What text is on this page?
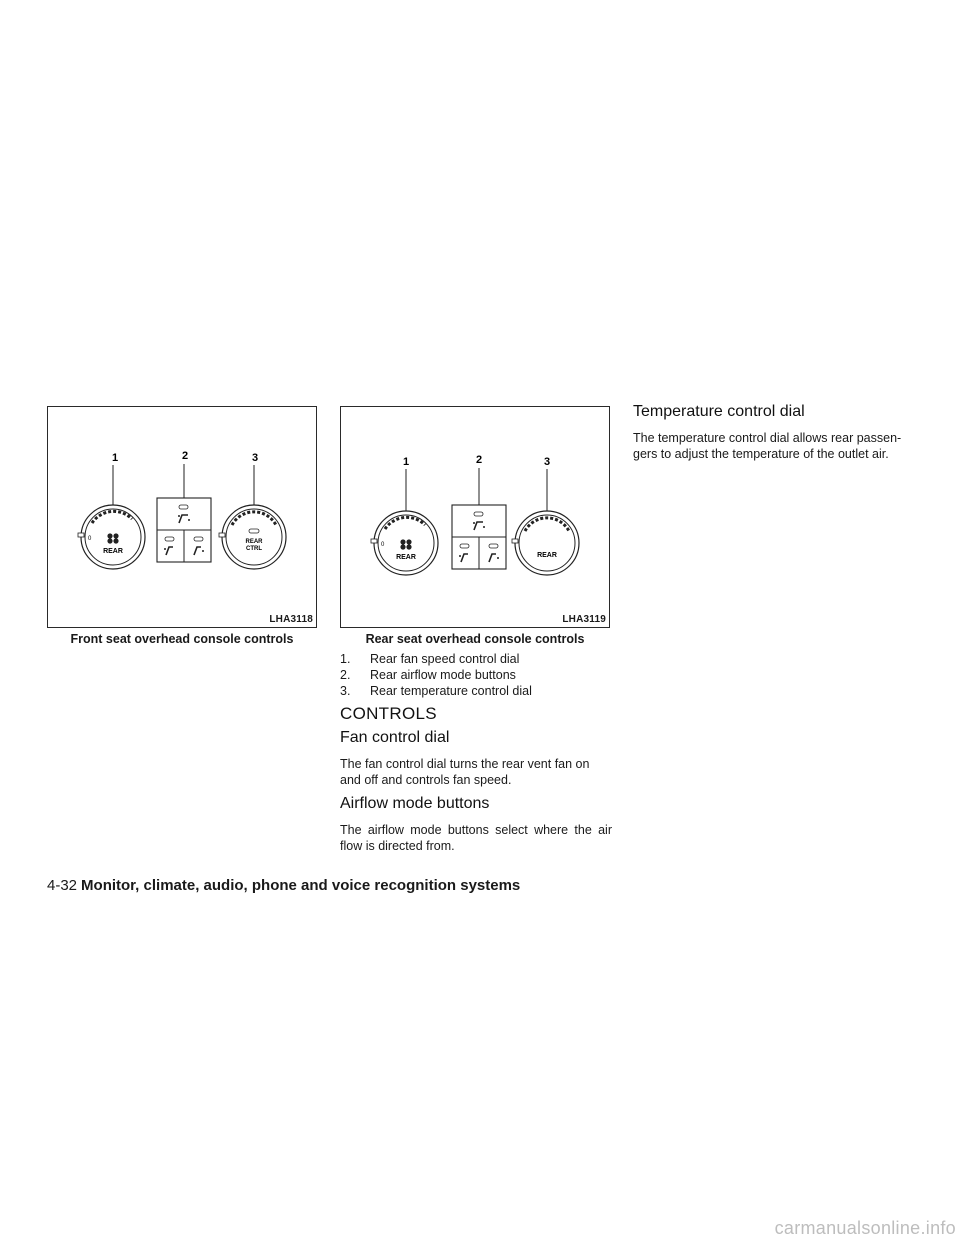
1	2	3
0
REAR
REAR
CTRL
LHA3118
Front seat overhead console controls
1	2	3
0
REAR	REAR
LHA3119
Rear seat overhead console controls
1. Rear fan speed control dial
2. Rear airflow mode buttons
3. Rear temperature control dial
CONTROLS
Fan control dial

The fan control dial turns the rear vent fan on and off and controls fan speed.

Airflow mode buttons

The airflow mode buttons select where the air flow is directed from.

Temperature control dial

The temperature control dial allows rear passen-gers to adjust the temperature of the outlet air.

4-32 Monitor, climate, audio, phone and voice recognition systems
carmanualsonline.info
